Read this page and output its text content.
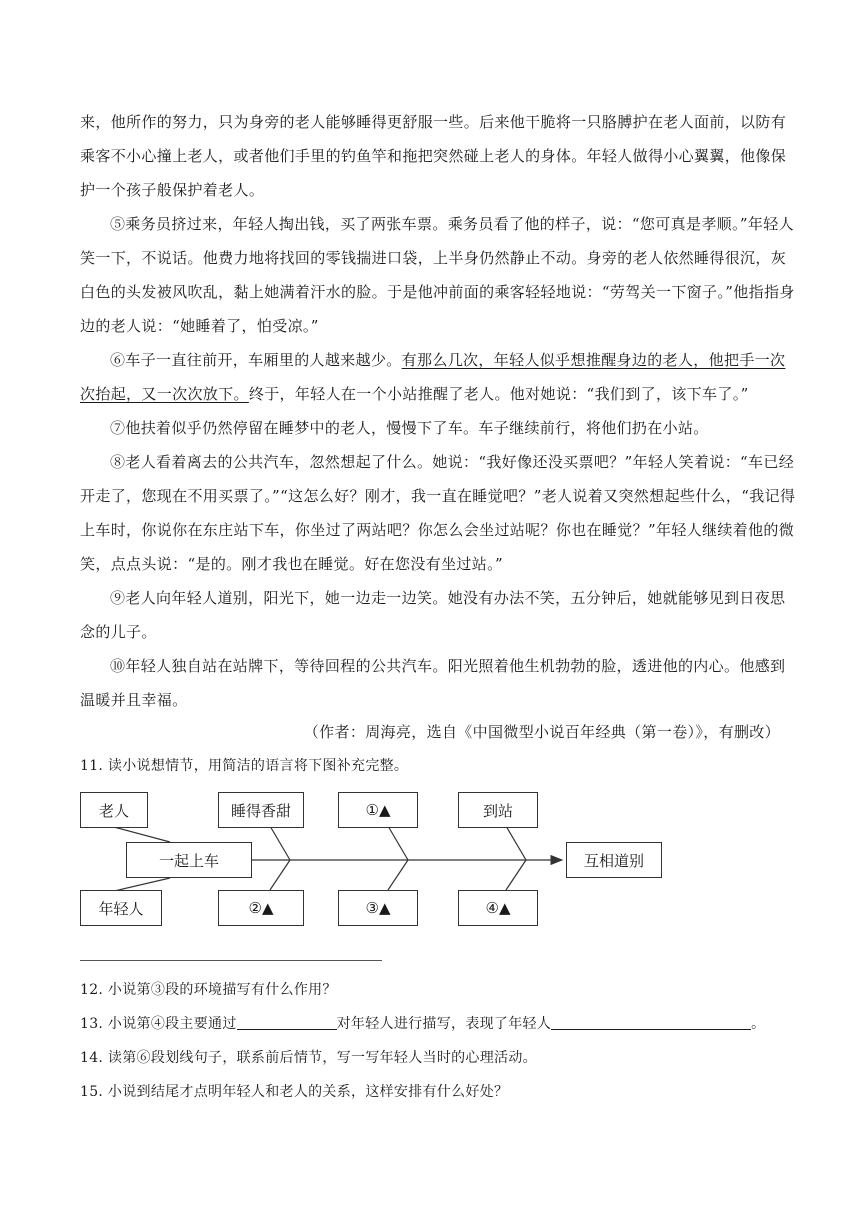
来，他所作的努力，只为身旁的老人能够睡得更舒服一些。后来他干脆将一只胳膊护在老人面前，以防有
乘客不小心撞上老人，或者他们手里的钓鱼竿和拖把突然碰上老人的身体。年轻人做得小心翼翼，他像保
护一个孩子般保护着老人。
⑤乘务员挤过来，年轻人掏出钱，买了两张车票。乘务员看了他的样子，说：“您可真是孝顺。”年轻人
笑一下，不说话。他费力地将找回的零钱揣进口袋，上半身仍然静止不动。身旁的老人依然睡得很沉，灰
白色的头发被风吹乱，黏上她满着汗水的脸。于是他冲前面的乘客轻轻地说：“劳驾关一下窗子。”他指指身
边的老人说：“她睡着了，怕受凉。”
⑥车子一直往前开，车厢里的人越来越少。有那么几次，年轻人似乎想推醒身边的老人，他把手一次
次抬起，又一次次放下。终于，年轻人在一个小站推醒了老人。他对她说：“我们到了，该下车了。”
⑦他扶着似乎仍然停留在睡梦中的老人，慢慢下了车。车子继续前行，将他们扔在小站。
⑧老人看着离去的公共汽车，忽然想起了什么。她说：“我好像还没买票吧？”年轻人笑着说：“车已经
开走了，您现在不用买票了。”“这怎么好？刚才，我一直在睡觉吧？”老人说着又突然想起些什么，“我记得
上车时，你说你在东庄站下车，你坐过了两站吧？你怎么会坐过站呢？你也在睡觉？”年轻人继续着他的微
笑，点点头说：“是的。刚才我也在睡觉。好在您没有坐过站。”
⑨老人向年轻人道别，阳光下，她一边走一边笑。她没有办法不笑，五分钟后，她就能够见到日夜思
念的儿子。
⑩年轻人独自站在站牌下，等待回程的公共汽车。阳光照着他生机勃勃的脸，透进他的内心。他感到
温暖并且幸福。
（作者：周海亮，选自《中国微型小说百年经典（第一卷）》，有删改）
11. 读小说想情节，用简洁的语言将下图补充完整。
老人
年轻人
一起上车
睡得香甜	①▲	到站
②▲	③▲	④▲
互相道别
12. 小说第③段的环境描写有什么作用？
13. 小说第④段主要通过	对年轻人进行描写，表现了年轻人	。
14. 读第⑥段划线句子，联系前后情节，写一写年轻人当时的心理活动。
15. 小说到结尾才点明年轻人和老人的关系，这样安排有什么好处？
